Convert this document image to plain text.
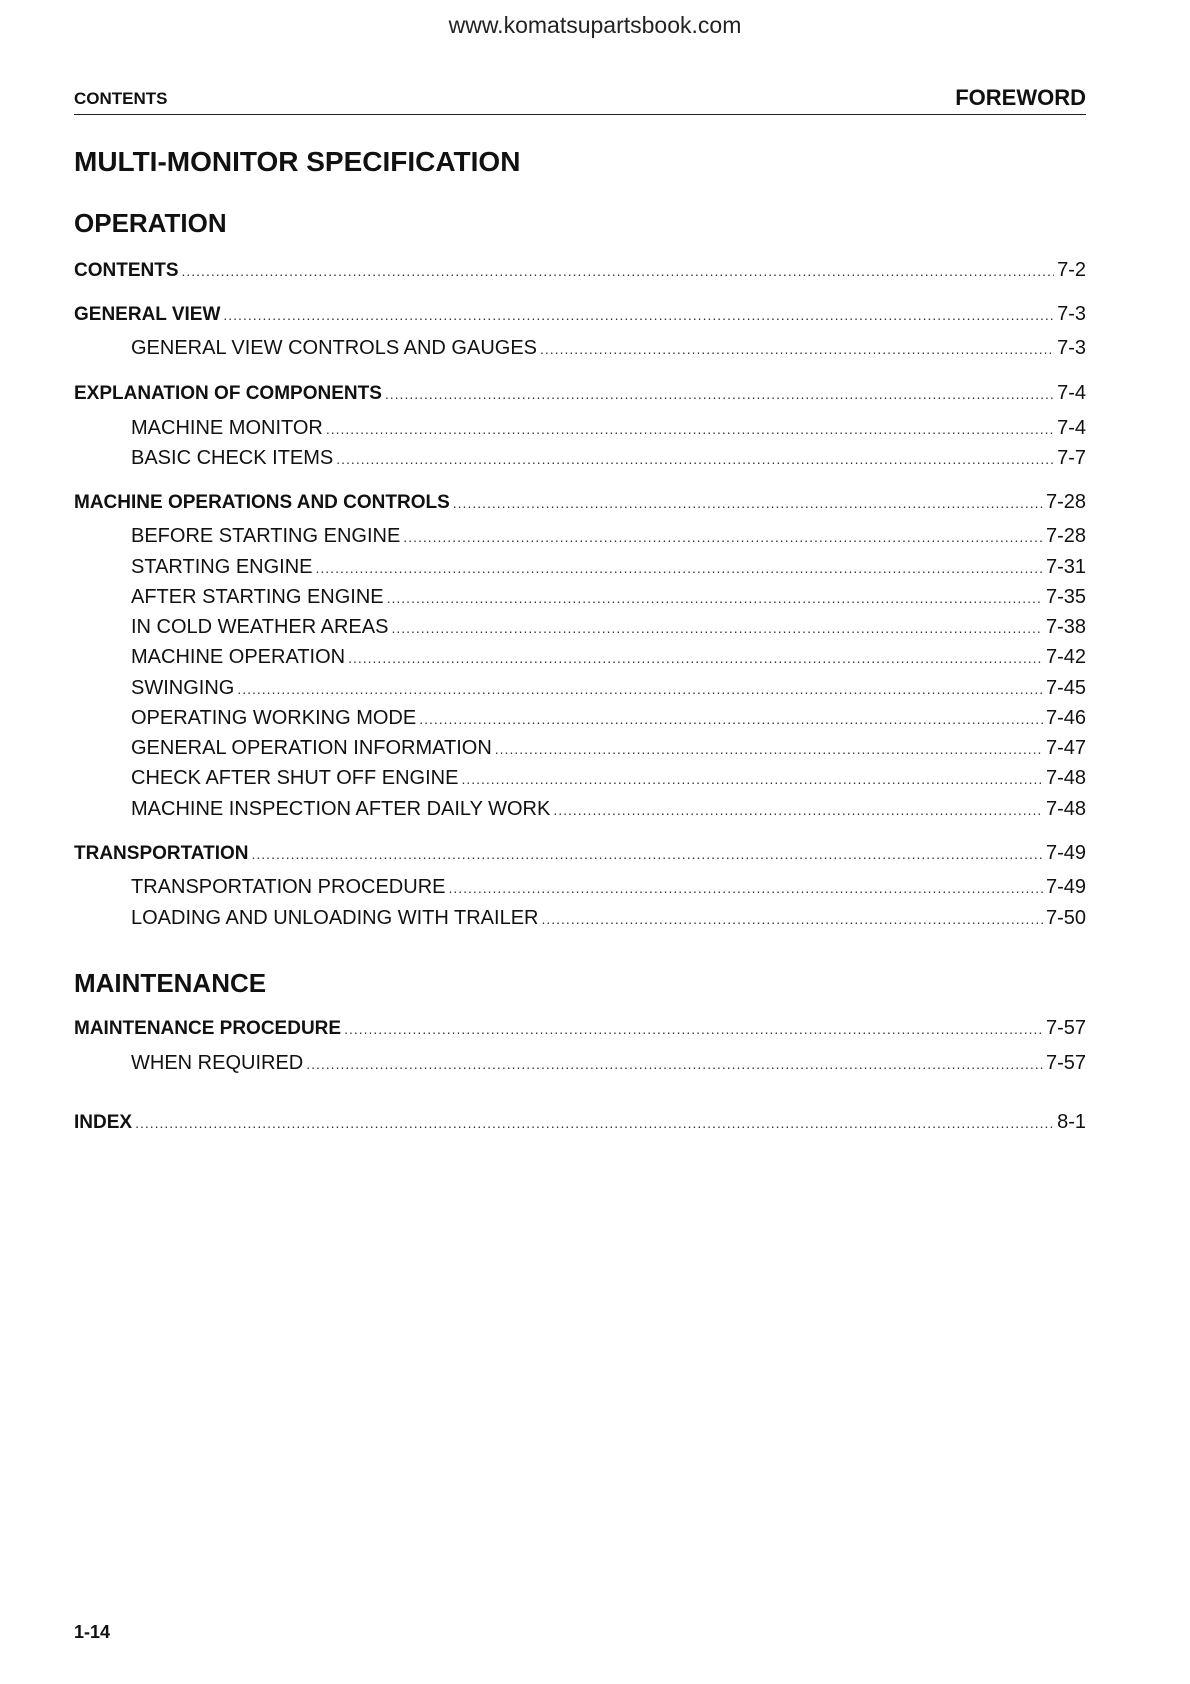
www.komatsupartsbook.com
CONTENTS	FOREWORD
MULTI-MONITOR SPECIFICATION
OPERATION
CONTENTS .....	7-2
GENERAL VIEW .....	7-3
GENERAL VIEW CONTROLS AND GAUGES .....	7-3
EXPLANATION OF COMPONENTS .....	7-4
MACHINE MONITOR .....	7-4
BASIC CHECK ITEMS .....	7-7
MACHINE OPERATIONS AND CONTROLS .....	7-28
BEFORE STARTING ENGINE .....	7-28
STARTING ENGINE .....	7-31
AFTER STARTING ENGINE .....	7-35
IN COLD WEATHER AREAS .....	7-38
MACHINE OPERATION .....	7-42
SWINGING .....	7-45
OPERATING WORKING MODE .....	7-46
GENERAL OPERATION INFORMATION .....	7-47
CHECK AFTER SHUT OFF ENGINE .....	7-48
MACHINE INSPECTION AFTER DAILY WORK .....	7-48
TRANSPORTATION .....	7-49
TRANSPORTATION PROCEDURE .....	7-49
LOADING AND UNLOADING WITH TRAILER .....	7-50
MAINTENANCE
MAINTENANCE PROCEDURE .....	7-57
WHEN REQUIRED .....	7-57
INDEX .....	8-1
1-14
